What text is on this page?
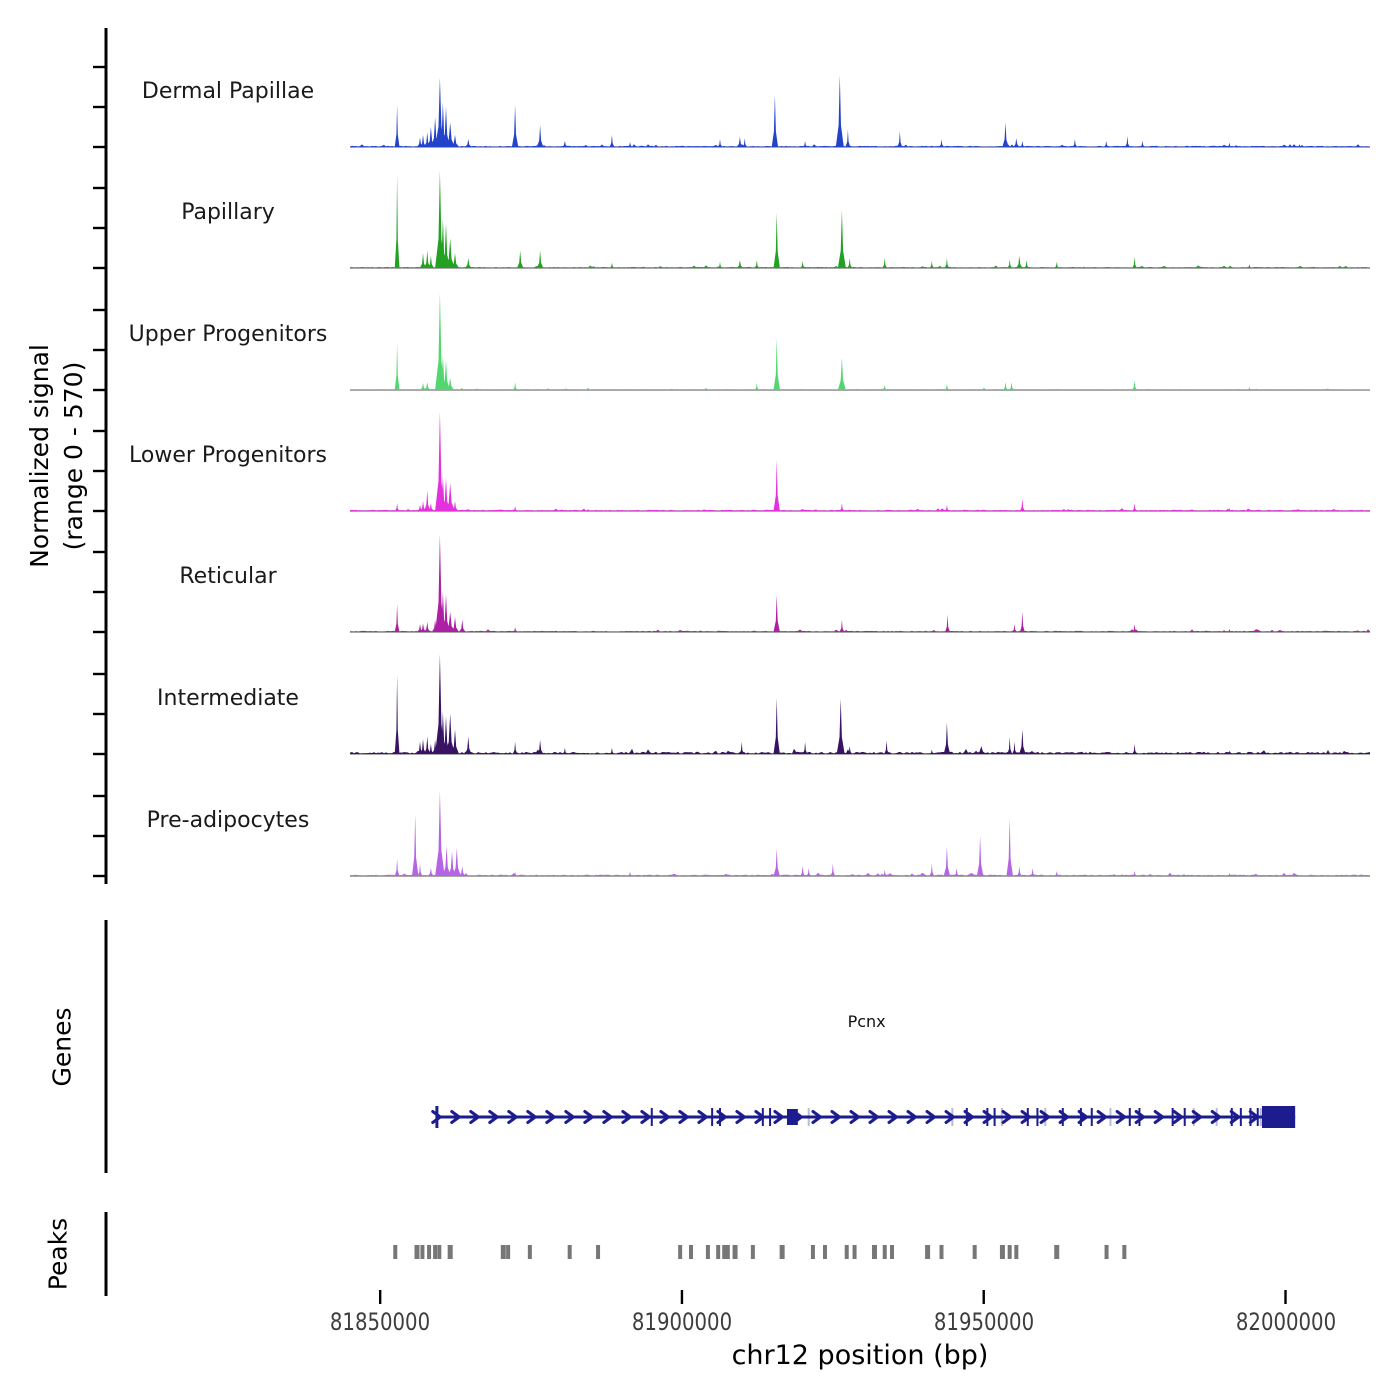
Normalized signal (range 0 - 570)
Dermal Papillae
Papillary
Upper Progenitors
Lower Progenitors
Reticular
Intermediate
Pre-adipocytes
Genes
Peaks
Pcnx
81850000	81900000	81950000	82000000
chr12 position (bp)
